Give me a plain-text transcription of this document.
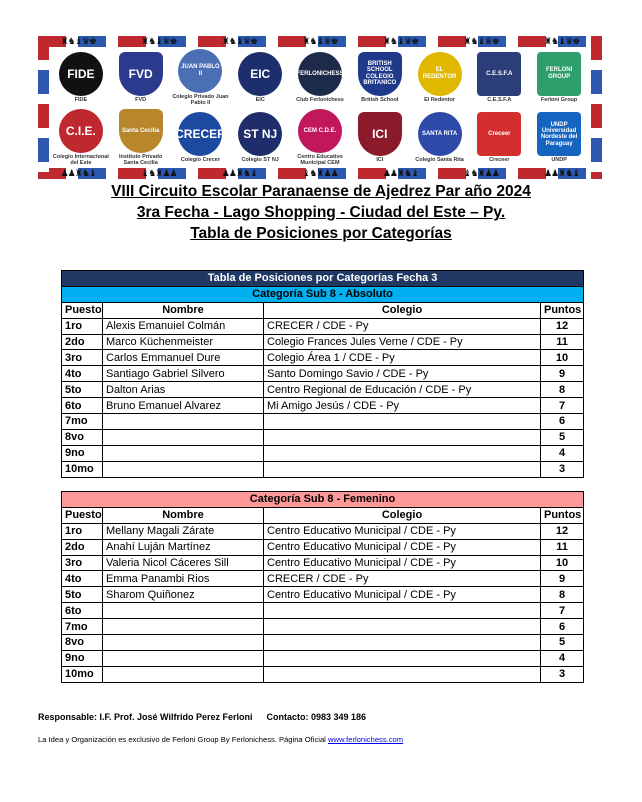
♜♞♝♛♚	♜♞♝♛♚	♜♞♝♛♚	♜♞♝♛♚	♜♞♝♛♚	♜♞♝♛♚	♜♞♝♛♚
♟♟♜♞♝	♝♞♜♟♟	♟♟♜♞♝	♝♞♜♟♟	♟♟♜♞♝	♝♞♜♟♟	♟♟♜♞♝
FIDE
FIDE
FVD
FVD
JUAN PABLO II
Colegio Privado Juan Pablo II
EIC
EIC
FERLONICHESS
Club Ferlonichess
BRITISH SCHOOL COLEGIO BRITANICO
British School
EL REDENTOR
El Redentor
C.E.S.F.A
C.E.S.F.A
FERLONI GROUP
Ferloni Group
C.I.E.
Colegio Internacional del Este
Santa Cecilia
Instituto Privado Santa Cecilia
CRECER
Colegio Crecer
ST NJ
Colegio ST NJ
CEM C.D.E.
Centro Educativo Municipal CEM
ICI
ICI
SANTA RITA
Colegio Santa Rita
Creceer
Creceer
UNDP Universidad Nordeste del Paraguay
UNDP
VIII Circuito Escolar Paranaense de Ajedrez Par año 2024
3ra Fecha - Lago Shopping - Ciudad del Este – Py.
Tabla de Posiciones por Categorías
Tabla de Posiciones por Categorías Fecha 3			
Categoría Sub 8 - Absoluto			
Puesto	Nombre	Colegio	Puntos
1ro	Alexis Emanuiel Colmán	CRECER / CDE - Py	12
2do	Marco Küchenmeister	Colegio Frances Jules Verne / CDE - Py	11
3ro	Carlos Emmanuel Dure	Colegio Área 1 / CDE - Py	10
4to	Santiago Gabriel Silvero	Santo Domingo Savio / CDE - Py	9
5to	Dalton Arias	Centro Regional de Educación / CDE - Py	8
6to	Bruno Emanuel Alvarez	Mi Amigo Jesús / CDE - Py	7
7mo			6
8vo			5
9no			4
10mo			3
Categoría Sub 8 - Femenino			
Puesto	Nombre	Colegio	Puntos
1ro	Mellany Magali Zárate	Centro Educativo Municipal / CDE - Py	12
2do	Anahí Luján Martínez	Centro Educativo Municipal / CDE - Py	11
3ro	Valeria Nicol Cáceres Sill	Centro Educativo Municipal / CDE - Py	10
4to	Emma Panambi Rios	CRECER / CDE - Py	9
5to	Sharom Quiñonez	Centro Educativo Municipal / CDE - Py	8
6to			7
7mo			6
8vo			5
9no			4
10mo			3
Responsable: I.F. Prof. José Wilfrido Perez Ferloni Contacto: 0983 349 186
La Idea y Organización es exclusivo de Ferloni Group By Ferlonichess. Página Oficial www.ferlonichess.com
